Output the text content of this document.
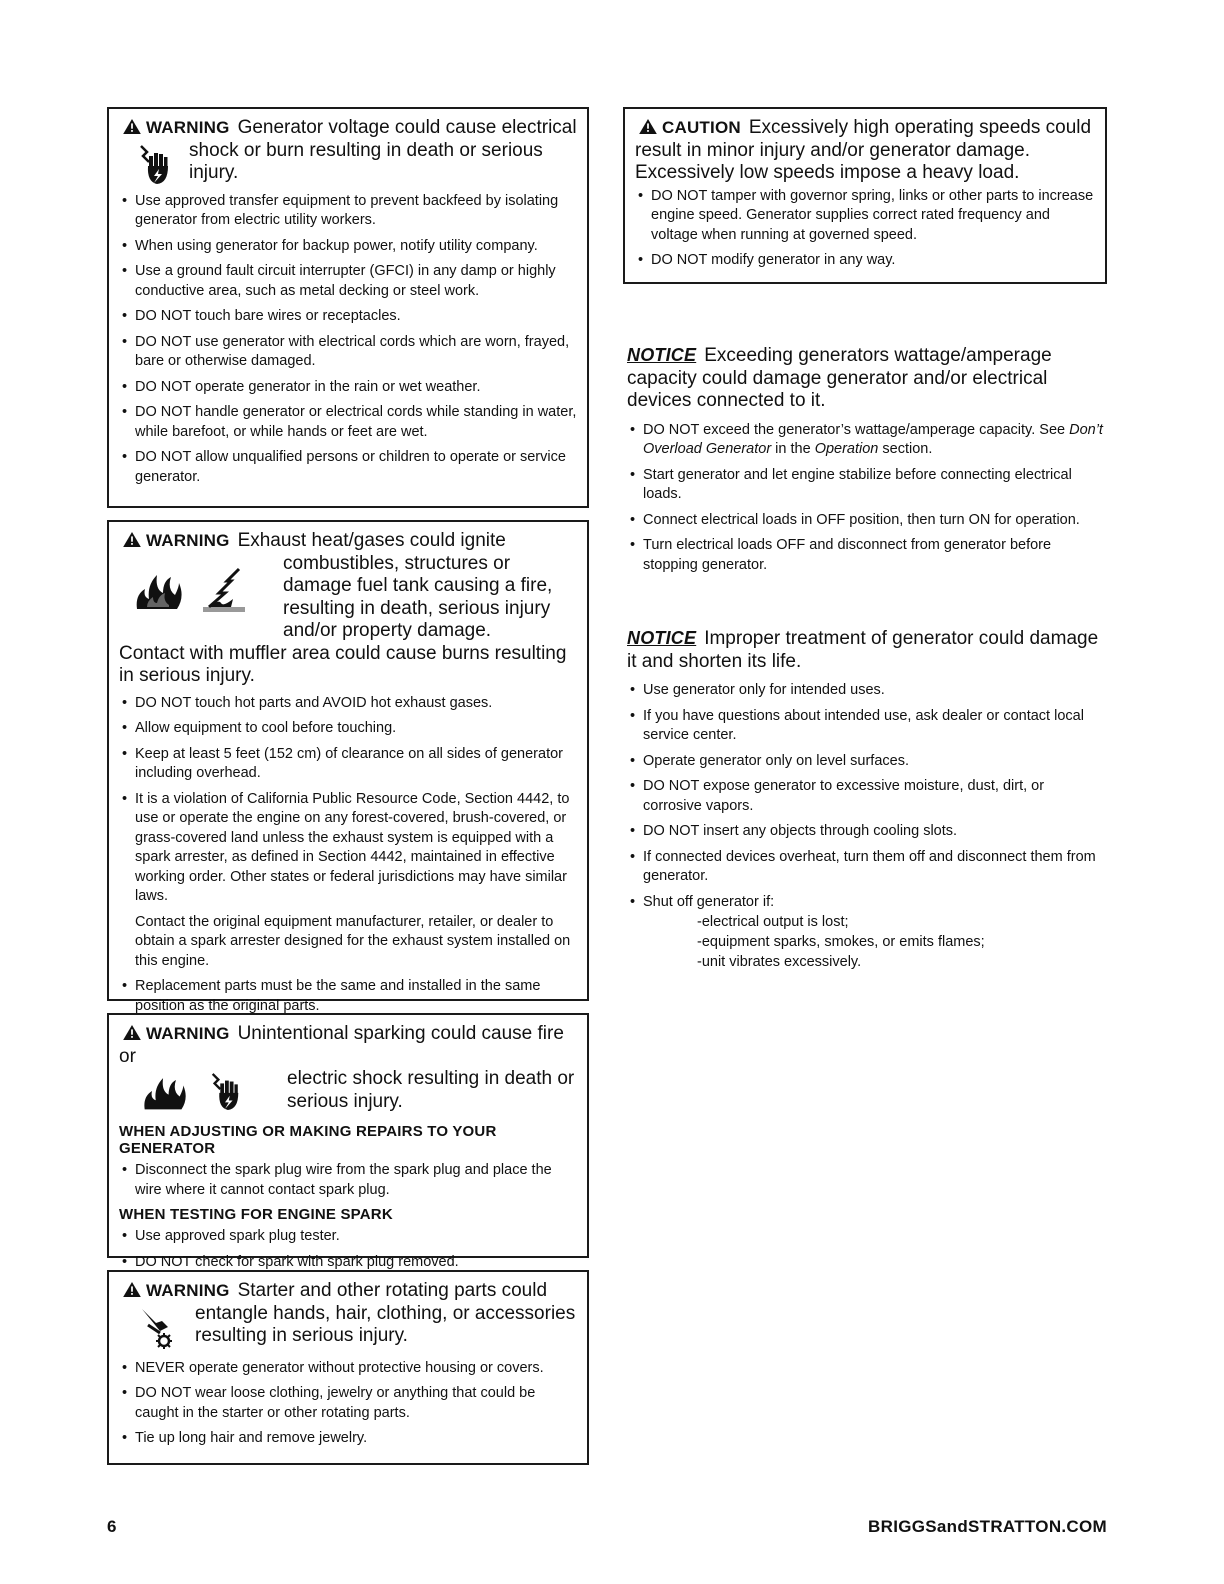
WARNING Generator voltage could cause electrical
shock or burn resulting in death or serious injury.
• Use approved transfer equipment to prevent backfeed by isolating generator from electric utility workers.
• When using generator for backup power, notify utility company.
• Use a ground fault circuit interrupter (GFCI) in any damp or highly conductive area, such as metal decking or steel work.
• DO NOT touch bare wires or receptacles.
• DO NOT use generator with electrical cords which are worn, frayed, bare or otherwise damaged.
• DO NOT operate generator in the rain or wet weather.
• DO NOT handle generator or electrical cords while standing in water, while barefoot, or while hands or feet are wet.
• DO NOT allow unqualified persons or children to operate or service generator.
WARNING Exhaust heat/gases could ignite
combustibles, structures or damage fuel tank causing a fire, resulting in death, serious injury and/or property damage.
Contact with muffler area could cause burns resulting in serious injury.
• DO NOT touch hot parts and AVOID hot exhaust gases.
• Allow equipment to cool before touching.
• Keep at least 5 feet (152 cm) of clearance on all sides of generator including overhead.
• It is a violation of California Public Resource Code, Section 4442, to use or operate the engine on any forest-covered, brush-covered, or grass-covered land unless the exhaust system is equipped with a spark arrester, as defined in Section 4442, maintained in effective working order. Other states or federal jurisdictions may have similar laws.
Contact the original equipment manufacturer, retailer, or dealer to obtain a spark arrester designed for the exhaust system installed on this engine.
• Replacement parts must be the same and installed in the same position as the original parts.
WARNING Unintentional sparking could cause fire or
electric shock resulting in death or serious injury.
WHEN ADJUSTING OR MAKING REPAIRS TO YOUR GENERATOR
• Disconnect the spark plug wire from the spark plug and place the wire where it cannot contact spark plug.
WHEN TESTING FOR ENGINE SPARK
• Use approved spark plug tester.
• DO NOT check for spark with spark plug removed.
WARNING Starter and other rotating parts could
entangle hands, hair, clothing, or accessories resulting in serious injury.
• NEVER operate generator without protective housing or covers.
• DO NOT wear loose clothing, jewelry or anything that could be caught in the starter or other rotating parts.
• Tie up long hair and remove jewelry.
CAUTION Excessively high operating speeds could result in minor injury and/or generator damage. Excessively low speeds impose a heavy load.
• DO NOT tamper with governor spring, links or other parts to increase engine speed. Generator supplies correct rated frequency and voltage when running at governed speed.
• DO NOT modify generator in any way.
NOTICE Exceeding generators wattage/amperage capacity could damage generator and/or electrical devices connected to it.
• DO NOT exceed the generator’s wattage/amperage capacity. See Don’t Overload Generator in the Operation section.
• Start generator and let engine stabilize before connecting electrical loads.
• Connect electrical loads in OFF position, then turn ON for operation.
• Turn electrical loads OFF and disconnect from generator before stopping generator.
NOTICE Improper treatment of generator could damage it and shorten its life.
• Use generator only for intended uses.
• If you have questions about intended use, ask dealer or contact local service center.
• Operate generator only on level surfaces.
• DO NOT expose generator to excessive moisture, dust, dirt, or corrosive vapors.
• DO NOT insert any objects through cooling slots.
• If connected devices overheat, turn them off and disconnect them from generator.
• Shut off generator if:
-electrical output is lost;
-equipment sparks, smokes, or emits flames;
-unit vibrates excessively.
6	BRIGGSandSTRATTON.COM
